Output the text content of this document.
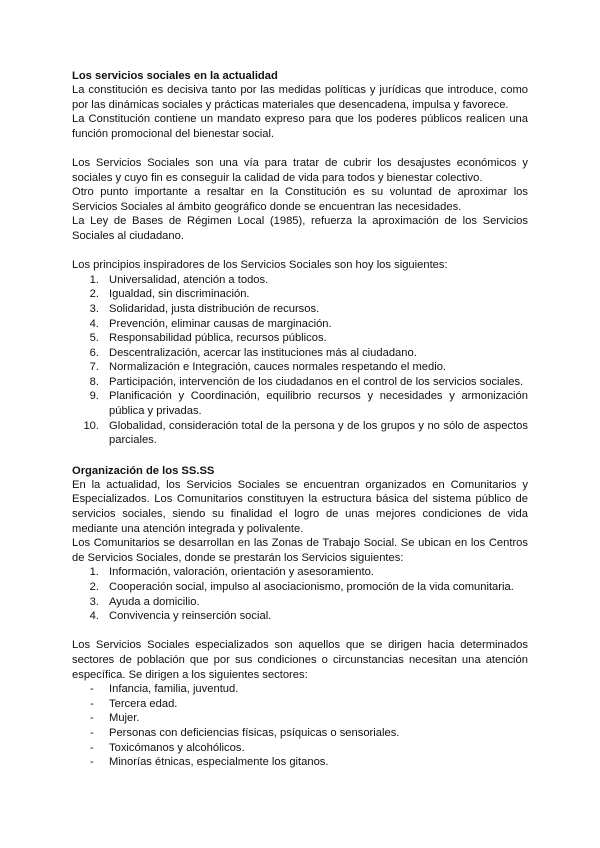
Los servicios sociales en la actualidad
La constitución es decisiva tanto por las medidas políticas y jurídicas que introduce, como por las dinámicas sociales y prácticas materiales que desencadena, impulsa y favorece.
La Constitución contiene un mandato expreso para que los poderes públicos realicen una función promocional del bienestar social.
Los Servicios Sociales son una vía para tratar de cubrir los desajustes económicos y sociales y cuyo fin es conseguir la calidad de vida para todos y bienestar colectivo.
Otro punto importante a resaltar en la Constitución es su voluntad de aproximar los Servicios Sociales al ámbito geográfico donde se encuentran las necesidades.
La Ley de Bases de Régimen Local (1985), refuerza la aproximación de los Servicios Sociales al ciudadano.
Los principios inspiradores de los Servicios Sociales son hoy los siguientes:
1. Universalidad, atención a todos.
2. Igualdad, sin discriminación.
3. Solidaridad, justa distribución de recursos.
4. Prevención, eliminar causas de marginación.
5. Responsabilidad pública, recursos públicos.
6. Descentralización, acercar las instituciones más al ciudadano.
7. Normalización e Integración, cauces normales respetando el medio.
8. Participación, intervención de los ciudadanos en el control de los servicios sociales.
9. Planificación y Coordinación, equilibrio recursos y necesidades y armonización pública y privadas.
10. Globalidad, consideración total de la persona y de los grupos y no sólo de aspectos parciales.
Organización de los SS.SS
En la actualidad, los Servicios Sociales se encuentran organizados en Comunitarios y Especializados. Los Comunitarios constituyen la estructura básica del sistema público de servicios sociales, siendo su finalidad el logro de unas mejores condiciones de vida mediante una atención integrada y polivalente.
Los Comunitarios se desarrollan en las Zonas de Trabajo Social. Se ubican en los Centros de Servicios Sociales, donde se prestarán los Servicios siguientes:
1. Información, valoración, orientación y asesoramiento.
2. Cooperación social, impulso al asociacionismo, promoción de la vida comunitaria.
3. Ayuda a domicilio.
4. Convivencia y reinserción social.
Los Servicios Sociales especializados son aquellos que se dirigen hacia determinados sectores de población que por sus condiciones o circunstancias necesitan una atención específica. Se dirigen a los siguientes sectores:
- Infancia, familia, juventud.
- Tercera edad.
- Mujer.
- Personas con deficiencias físicas, psíquicas o sensoriales.
- Toxicómanos y alcohólicos.
- Minorías étnicas, especialmente los gitanos.
